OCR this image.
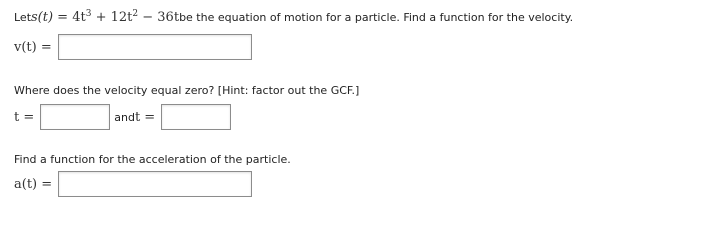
Let $s(t) = 4t^3 + 12t^2 - 36t$ be the equation of motion for a particle. Find a function for the velocity.
v(t) =
Where does the velocity equal zero? [Hint: factor out the GCF.]
t =	and t =
Find a function for the acceleration of the particle.
a(t) =
